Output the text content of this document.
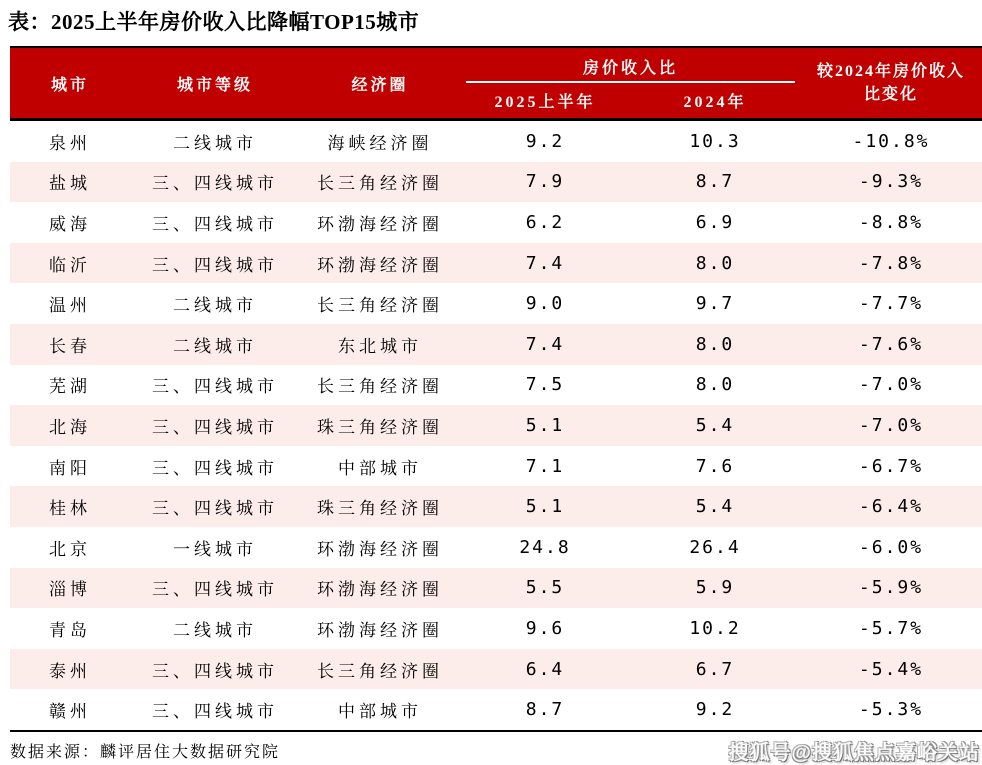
表：2025上半年房价收入比降幅TOP15城市
城市	城市等级	经济圈
房价收入比
2025上半年	2024年
较2024年房价收入比变化
泉州	二线城市	海峡经济圈	9.2	10.3	-10.8%
盐城	三、四线城市	长三角经济圈	7.9	8.7	-9.3%
威海	三、四线城市	环渤海经济圈	6.2	6.9	-8.8%
临沂	三、四线城市	环渤海经济圈	7.4	8.0	-7.8%
温州	二线城市	长三角经济圈	9.0	9.7	-7.7%
长春	二线城市	东北城市	7.4	8.0	-7.6%
芜湖	三、四线城市	长三角经济圈	7.5	8.0	-7.0%
北海	三、四线城市	珠三角经济圈	5.1	5.4	-7.0%
南阳	三、四线城市	中部城市	7.1	7.6	-6.7%
桂林	三、四线城市	珠三角经济圈	5.1	5.4	-6.4%
北京	一线城市	环渤海经济圈	24.8	26.4	-6.0%
淄博	三、四线城市	环渤海经济圈	5.5	5.9	-5.9%
青岛	二线城市	环渤海经济圈	9.6	10.2	-5.7%
泰州	三、四线城市	长三角经济圈	6.4	6.7	-5.4%
赣州	三、四线城市	中部城市	8.7	9.2	-5.3%
数据来源：麟评居住大数据研究院	搜狐号@搜狐焦点嘉峪关站
